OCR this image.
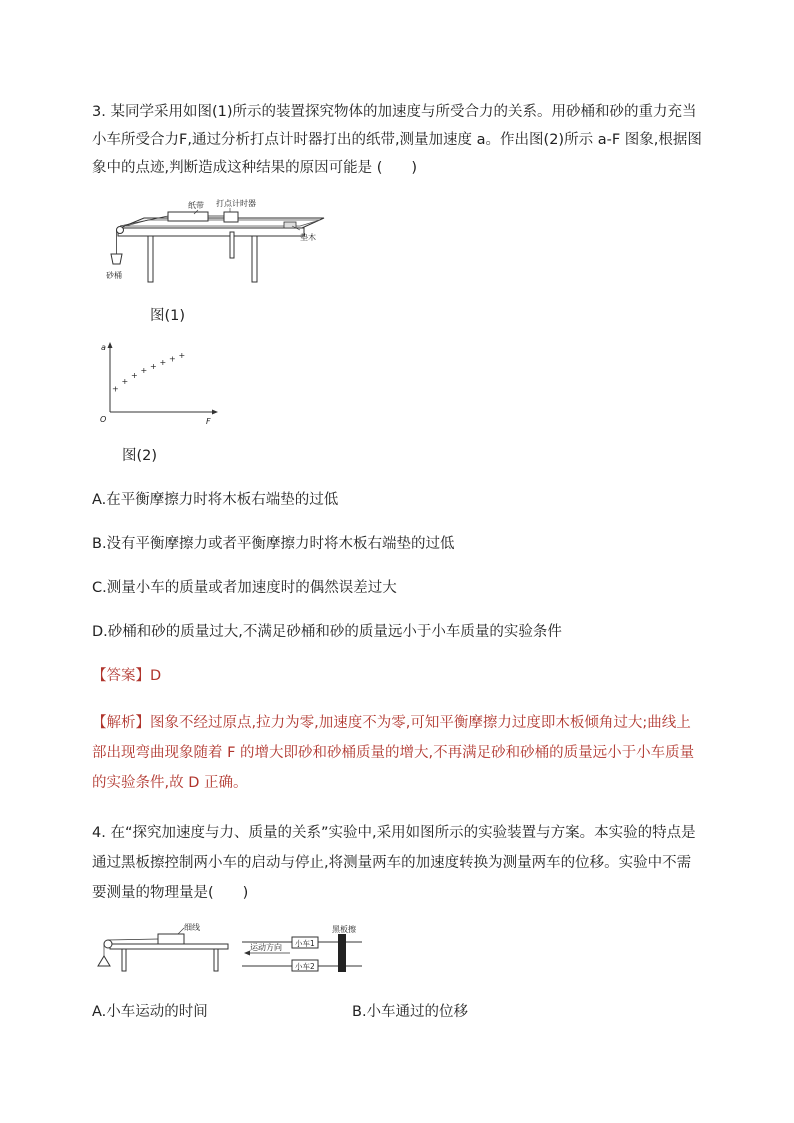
3. 某同学采用如图(1)所示的装置探究物体的加速度与所受合力的关系。用砂桶和砂的重力充当小车所受合力F,通过分析打点计时器打出的纸带,测量加速度 a。作出图(2)所示 a-F 图象,根据图象中的点迹,判断造成这种结果的原因可能是 (　　)

纸带 打点计时器
垫木
砂桶
图(1)
a
F
O
+
+
+
+ + + + +
图(2)
A.在平衡摩擦力时将木板右端垫的过低
B.没有平衡摩擦力或者平衡摩擦力时将木板右端垫的过低
C.测量小车的质量或者加速度时的偶然误差过大
D.砂桶和砂的质量过大,不满足砂桶和砂的质量远小于小车质量的实验条件
【答案】D

【解析】图象不经过原点,拉力为零,加速度不为零,可知平衡摩擦力过度即木板倾角过大;曲线上部出现弯曲现象随着 F 的增大即砂和砂桶质量的增大,不再满足砂和砂桶的质量远小于小车质量的实验条件,故 D 正确。

4. 在“探究加速度与力、质量的关系”实验中,采用如图所示的实验装置与方案。本实验的特点是通过黑板擦控制两小车的启动与停止,将测量两车的加速度转换为测量两车的位移。实验中不需要测量的物理量是(　　)

细线
运动方向 小车1
小车2
黑板擦
A.小车运动的时间	B.小车通过的位移
